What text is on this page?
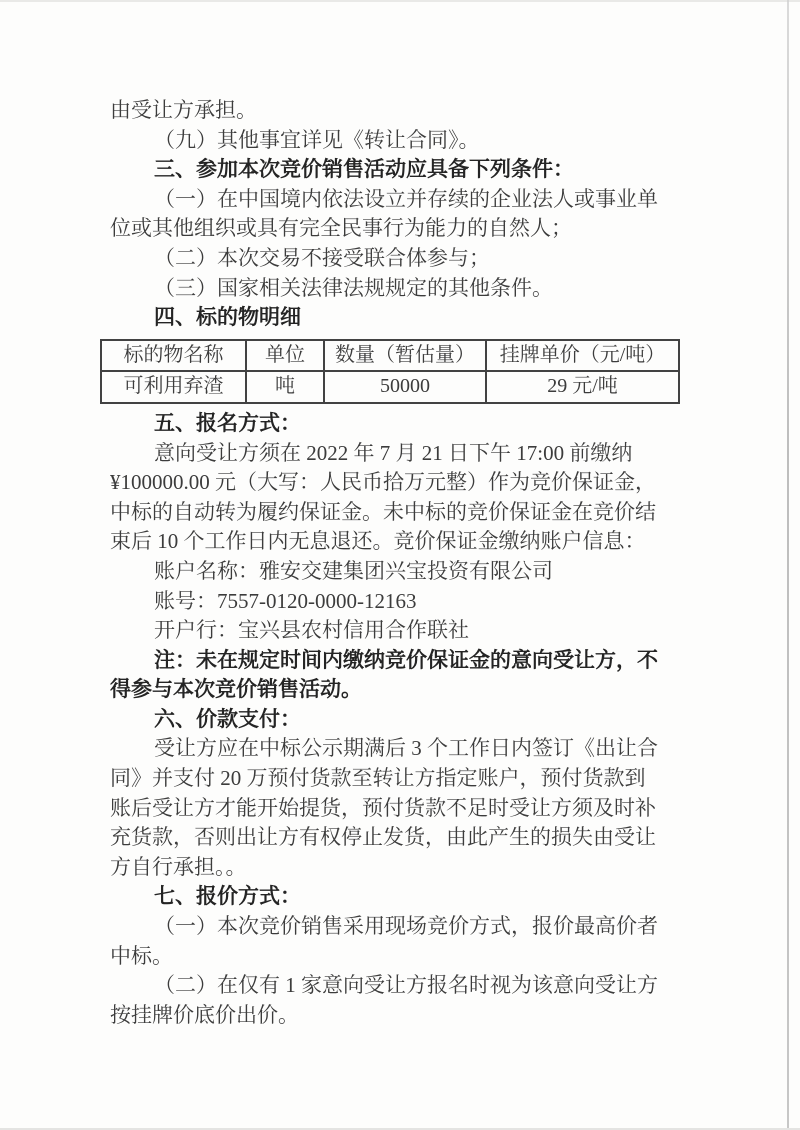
由受让方承担。
（九）其他事宜详见《转让合同》。
三、参加本次竞价销售活动应具备下列条件：
（一）在中国境内依法设立并存续的企业法人或事业单
位或其他组织或具有完全民事行为能力的自然人；
（二）本次交易不接受联合体参与；
（三）国家相关法律法规规定的其他条件。
四、标的物明细
标的物名称	单位	数量（暂估量）	挂牌单价（元/吨）
可利用弃渣	吨	50000	29 元/吨
五、报名方式：
意向受让方须在 2022 年 7 月 21 日下午 17:00 前缴纳
¥100000.00 元（大写：人民币拾万元整）作为竞价保证金，
中标的自动转为履约保证金。未中标的竞价保证金在竞价结
束后 10 个工作日内无息退还。竞价保证金缴纳账户信息：
账户名称：雅安交建集团兴宝投资有限公司
账号：7557-0120-0000-12163
开户行：宝兴县农村信用合作联社
注：未在规定时间内缴纳竞价保证金的意向受让方，不
得参与本次竞价销售活动。
六、价款支付：
受让方应在中标公示期满后 3 个工作日内签订《出让合
同》并支付 20 万预付货款至转让方指定账户，预付货款到
账后受让方才能开始提货，预付货款不足时受让方须及时补
充货款，否则出让方有权停止发货，由此产生的损失由受让
方自行承担。。
七、报价方式：
（一）本次竞价销售采用现场竞价方式，报价最高价者
中标。
（二）在仅有 1 家意向受让方报名时视为该意向受让方
按挂牌价底价出价。
